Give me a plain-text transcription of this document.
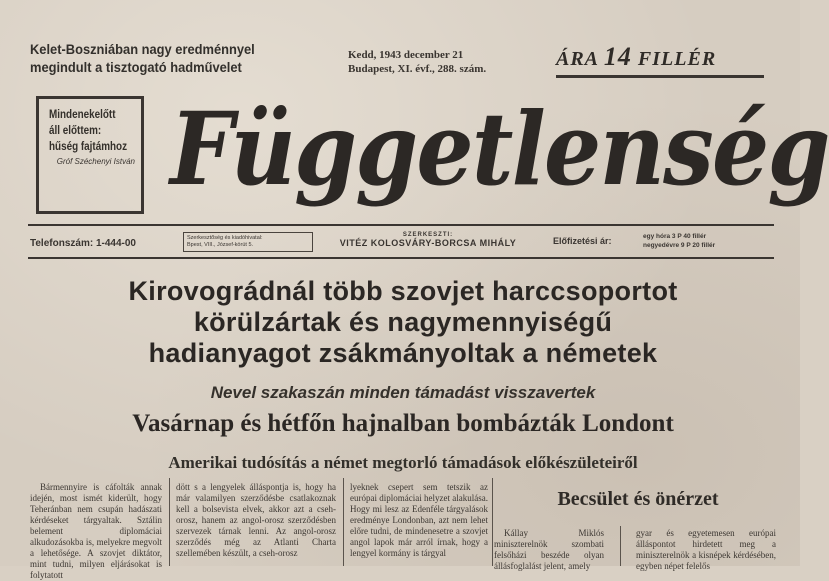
Kelet-Boszniában nagy eredménnyel
megindult a tisztogató hadművelet
Kedd, 1943 december 21
Budapest, XI. évf., 288. szám.	ÁRA 14 FILLÉR
Mindenekelőtt
áll előttem:
hűség fajtámhoz
Gróf Széchenyi István Függetlenség
Telefonszám: 1-444-00	Szerkesztőség és kiadóhivatal:
Bpest, VIII., József-körút 5.
SZERKESZTI:
VITÉZ KOLOSVÁRY-BORCSA MIHÁLY	Előfizetési ár:	egy hóra 3 P 40 fillér
negyedévre 9 P 20 fillér
Kirovográdnál több szovjet harccsoportot
körülzártak és nagymennyiségű
hadianyagot zsákmányoltak a németek
Nevel szakaszán minden támadást visszavertek
Vasárnap és hétfőn hajnalban bombázták Londont
Amerikai tudósítás a német megtorló támadások előkészületeiről
Bármennyire is cáfolták annak idején, most ismét kiderült, hogy Teheránban nem csupán hadászati kérdéseket tárgyaltak. Sztálin belement diplomáciai alkudozásokba is, melyekre megvolt a lehetősége. A szovjet diktátor, mint tudni, milyen eljárásokat is folytatott
dött s a lengyelek álláspontja is, hogy ha már valamilyen szerződésbe csatlakoznak kell a bolsevista elvek, akkor azt a cseh-orosz, hanem az angol-orosz szerződésben szervezek tárnak lenni. Az angol-orosz szerződés még az Atlanti Charta szellemében készült, a cseh-orosz
lyeknek csepert sem tetszik az európai diplomáciai helyzet alakulása. Hogy mi lesz az Edenféle tárgyalások eredménye Londonban, azt nem lehet előre tudni, de mindenesetre a szovjet angol lapok már arról írnak, hogy a lengyel kormány is tárgyal
Becsület és önérzet
Kállay Miklós miniszterelnök szombati felsőházi beszéde olyan állásfoglalást jelent, amely
gyar és egyetemesen európai álláspontot hirdetett meg a miniszterelnök a kisnépek kérdésében, egyben népet felelős
